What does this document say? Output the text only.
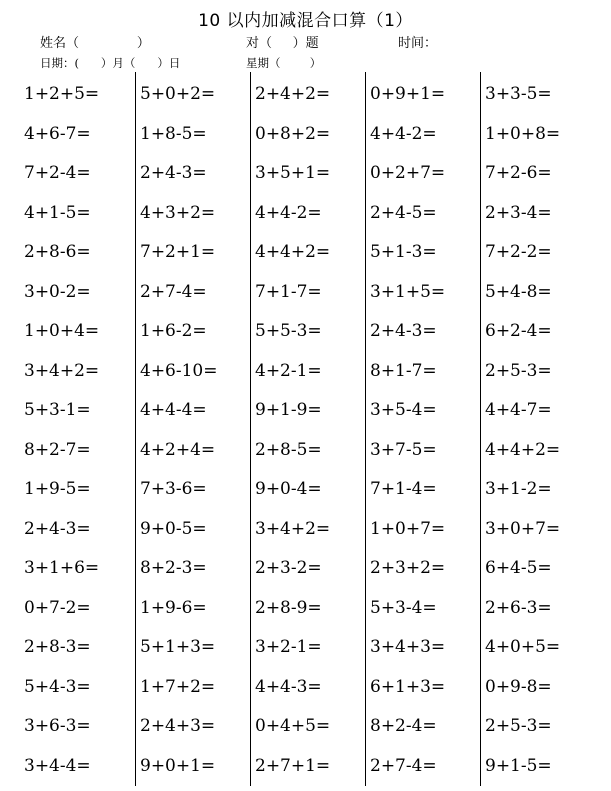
10 以内加减混合口算（1）
姓名（              ）	对（     ）题	时间：
日期：(      ）月（      ）日	星期（        ）
1+2+5= 5+0+2= 2+4+2= 0+9+1= 3+3-5=
4+6-7=	1+8-5=	0+8+2= 4+4-2=	1+0+8=
7+2-4=	2+4-3=	3+5+1= 0+2+7= 7+2-6=
4+1-5=	4+3+2= 4+4-2=	2+4-5=	2+3-4=
2+8-6=	7+2+1= 4+4+2= 5+1-3=	7+2-2=
3+0-2=	2+7-4=	7+1-7=	3+1+5= 5+4-8=
1+0+4= 1+6-2=	5+5-3=	2+4-3=	6+2-4=
3+4+2= 4+6-10= 4+2-1=	8+1-7=	2+5-3=
5+3-1=	4+4-4=	9+1-9=	3+5-4=	4+4-7=
8+2-7=	4+2+4= 2+8-5=	3+7-5=	4+4+2=
1+9-5=	7+3-6=	9+0-4=	7+1-4=	3+1-2=
2+4-3=	9+0-5=	3+4+2= 1+0+7= 3+0+7=
3+1+6= 8+2-3=	2+3-2=	2+3+2= 6+4-5=
0+7-2=	1+9-6=	2+8-9=	5+3-4=	2+6-3=
2+8-3=	5+1+3= 3+2-1=	3+4+3= 4+0+5=
5+4-3=	1+7+2= 4+4-3=	6+1+3= 0+9-8=
3+6-3=	2+4+3= 0+4+5= 8+2-4=	2+5-3=
3+4-4=	9+0+1= 2+7+1= 2+7-4=	9+1-5=
